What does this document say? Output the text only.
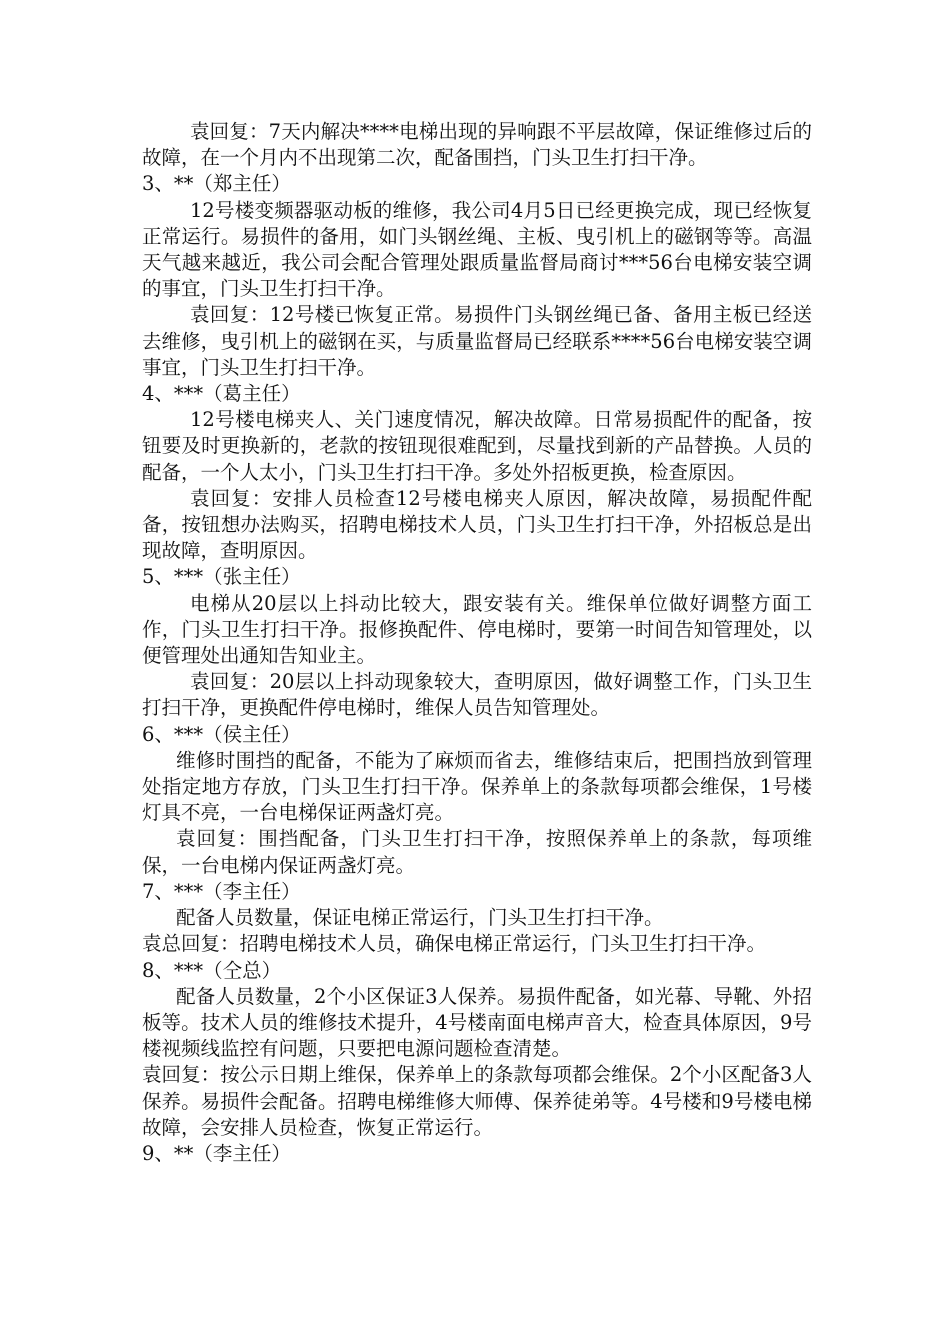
袁回复：7天内解决****电梯出现的异响跟不平层故障，保证维修过后的故障，在一个月内不出现第二次，配备围挡，门头卫生打扫干净。

3、**（郑主任）

12号楼变频器驱动板的维修，我公司4月5日已经更换完成，现已经恢复正常运行。易损件的备用，如门头钢丝绳、主板、曳引机上的磁钢等等。高温天气越来越近，我公司会配合管理处跟质量监督局商讨***56台电梯安装空调的事宜，门头卫生打扫干净。

袁回复：12号楼已恢复正常。易损件门头钢丝绳已备、备用主板已经送去维修，曳引机上的磁钢在买，与质量监督局已经联系****56台电梯安装空调事宜，门头卫生打扫干净。

4、***（葛主任）

12号楼电梯夹人、关门速度情况，解决故障。日常易损配件的配备，按钮要及时更换新的，老款的按钮现很难配到，尽量找到新的产品替换。人员的配备，一个人太小，门头卫生打扫干净。多处外招板更换，检查原因。

袁回复：安排人员检查12号楼电梯夹人原因，解决故障，易损配件配备，按钮想办法购买，招聘电梯技术人员，门头卫生打扫干净，外招板总是出现故障，查明原因。

5、***（张主任）

电梯从20层以上抖动比较大，跟安装有关。维保单位做好调整方面工作，门头卫生打扫干净。报修换配件、停电梯时，要第一时间告知管理处，以便管理处出通知告知业主。

袁回复：20层以上抖动现象较大，查明原因，做好调整工作，门头卫生打扫干净，更换配件停电梯时，维保人员告知管理处。

6、***（侯主任）

维修时围挡的配备，不能为了麻烦而省去，维修结束后，把围挡放到管理处指定地方存放，门头卫生打扫干净。保养单上的条款每项都会维保，1号楼灯具不亮，一台电梯保证两盏灯亮。

袁回复：围挡配备，门头卫生打扫干净，按照保养单上的条款，每项维保，一台电梯内保证两盏灯亮。

7、***（李主任）

配备人员数量，保证电梯正常运行，门头卫生打扫干净。

袁总回复：招聘电梯技术人员，确保电梯正常运行，门头卫生打扫干净。

8、***（仝总）

配备人员数量，2个小区保证3人保养。易损件配备，如光幕、导靴、外招板等。技术人员的维修技术提升，4号楼南面电梯声音大，检查具体原因，9号楼视频线监控有问题，只要把电源问题检查清楚。

袁回复：按公示日期上维保，保养单上的条款每项都会维保。2个小区配备3人保养。易损件会配备。招聘电梯维修大师傅、保养徒弟等。4号楼和9号楼电梯故障，会安排人员检查，恢复正常运行。

9、**（李主任）
